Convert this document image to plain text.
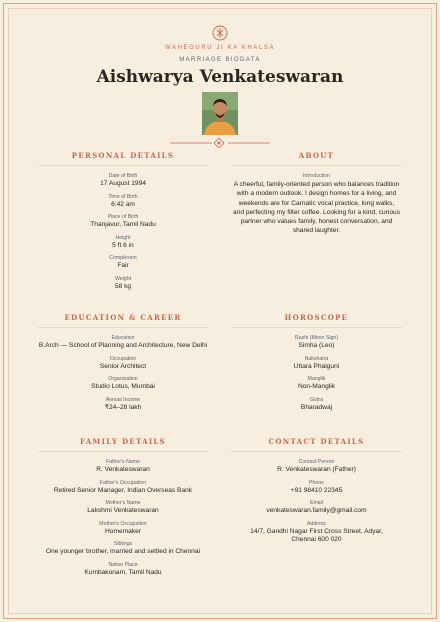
WAHEGURU JI KA KHALSA
MARRIAGE BIODATA
Aishwarya Venkateswaran
PERSONAL DETAILS
Date of Birth
17 August 1994
Time of Birth
6:42 am
Place of Birth
Thanjavur, Tamil Nadu
Height
5 ft 6 in
Complexion
Fair
Weight
58 kg
ABOUT
Introduction
A cheerful, family-oriented person who balances tradition with a modern outlook. I design homes for a living, and weekends are for Carnatic vocal practice, long walks, and perfecting my filter coffee. Looking for a kind, curious partner who values family, honest conversation, and shared laughter.
EDUCATION & CAREER
Education
B.Arch — School of Planning and Architecture, New Delhi
Occupation
Senior Architect
Organization
Studio Lotus, Mumbai
Annual Income
₹24–28 lakh
HOROSCOPE
Rashi (Moon Sign)
Simha (Leo)
Nakshatra
Uttara Phalguni
Manglik
Non-Manglik
Gotra
Bharadwaj
FAMILY DETAILS
Father's Name
R. Venkateswaran
Father's Occupation
Retired Senior Manager, Indian Overseas Bank
Mother's Name
Lakshmi Venkateswaran
Mother's Occupation
Homemaker
Siblings
One younger brother, married and settled in Chennai
Native Place
Kumbakonam, Tamil Nadu
CONTACT DETAILS
Contact Person
R. Venkateswaran (Father)
Phone
+91 98410 22345
Email
venkateswaran.family@gmail.com
Address
14/7, Gandhi Nagar First Cross Street, Adyar, Chennai 600 020
